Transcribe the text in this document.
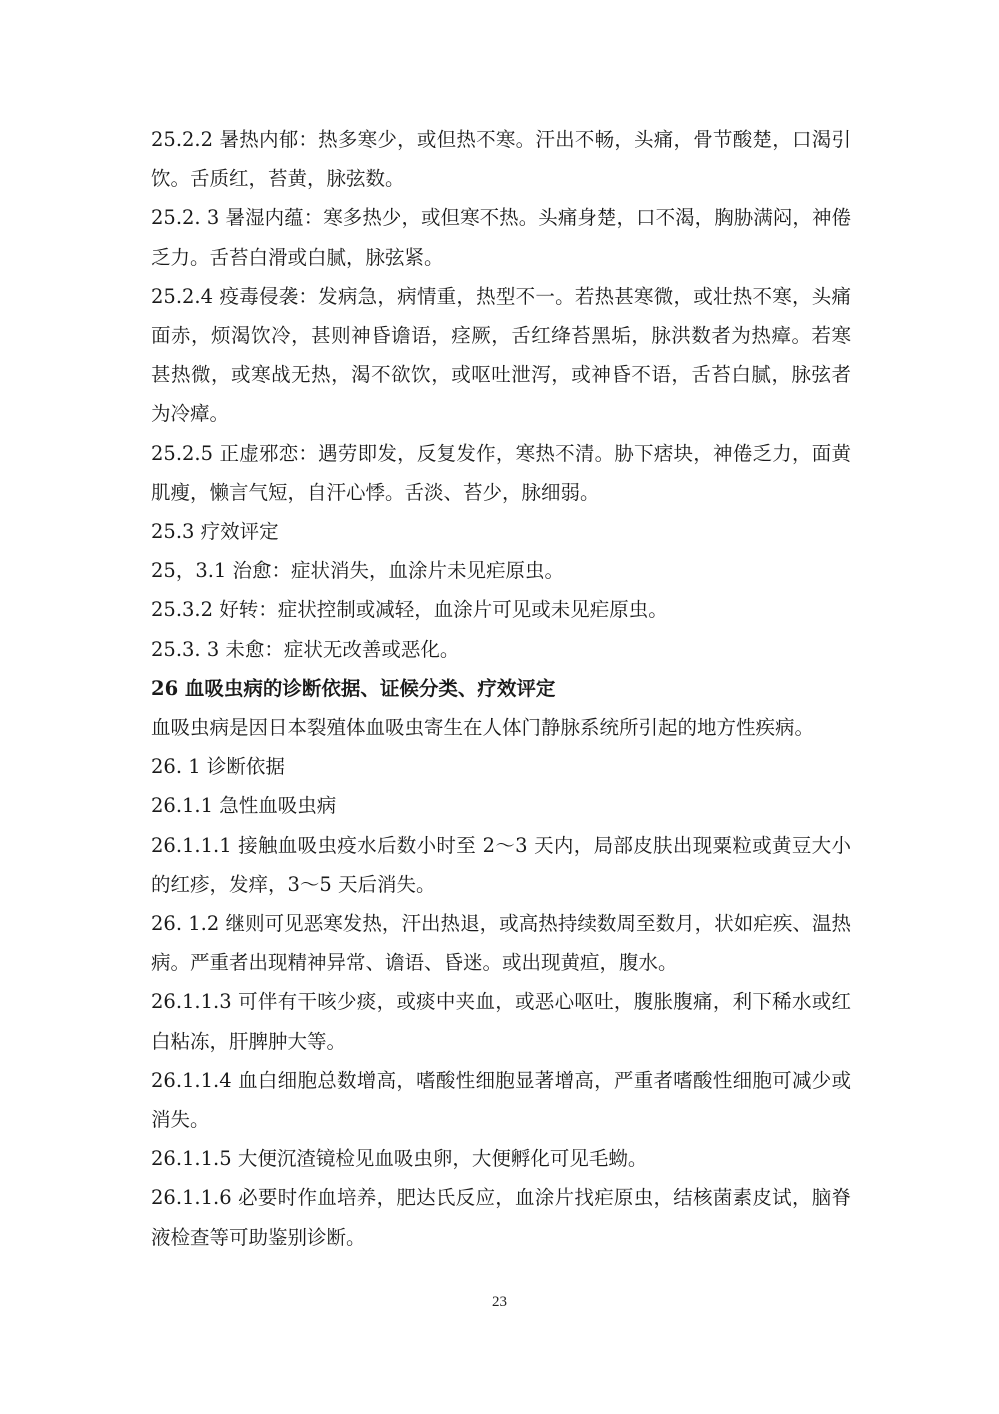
25.2.2 暑热内郁：热多寒少，或但热不寒。汗出不畅，头痛，骨节酸楚，口渴引饮。舌质红，苔黄，脉弦数。

25.2. 3 暑湿内蕴：寒多热少，或但寒不热。头痛身楚，口不渴，胸胁满闷，神倦乏力。舌苔白滑或白腻，脉弦紧。

25.2.4 疫毒侵袭：发病急，病情重，热型不一。若热甚寒微，或壮热不寒，头痛面赤，烦渴饮冷，甚则神昏谵语，痉厥，舌红绛苔黑垢，脉洪数者为热瘴。若寒甚热微，或寒战无热，渴不欲饮，或呕吐泄泻，或神昏不语，舌苔白腻，脉弦者为冷瘴。

25.2.5 正虚邪恋：遇劳即发，反复发作，寒热不清。胁下痞块，神倦乏力，面黄肌瘦，懒言气短，自汗心悸。舌淡、苔少，脉细弱。

25.3 疗效评定

25，3.1 治愈：症状消失，血涂片未见疟原虫。

25.3.2 好转：症状控制或减轻，血涂片可见或未见疟原虫。

25.3. 3 未愈：症状无改善或恶化。

26 血吸虫病的诊断依据、证候分类、疗效评定

血吸虫病是因日本裂殖体血吸虫寄生在人体门静脉系统所引起的地方性疾病。

26. 1 诊断依据

26.1.1 急性血吸虫病

26.1.1.1 接触血吸虫疫水后数小时至 2～3 天内，局部皮肤出现粟粒或黄豆大小的红疹，发痒，3～5 天后消失。

26. 1.2 继则可见恶寒发热，汗出热退，或高热持续数周至数月，状如疟疾、温热病。严重者出现精神异常、谵语、昏迷。或出现黄疸，腹水。

26.1.1.3 可伴有干咳少痰，或痰中夹血，或恶心呕吐，腹胀腹痛，利下稀水或红白粘冻，肝脾肿大等。

26.1.1.4 血白细胞总数增高，嗜酸性细胞显著增高，严重者嗜酸性细胞可减少或消失。

26.1.1.5 大便沉渣镜检见血吸虫卵，大便孵化可见毛蚴。

26.1.1.6 必要时作血培养，肥达氏反应，血涂片找疟原虫，结核菌素皮试，脑脊液检查等可助鉴别诊断。

23
